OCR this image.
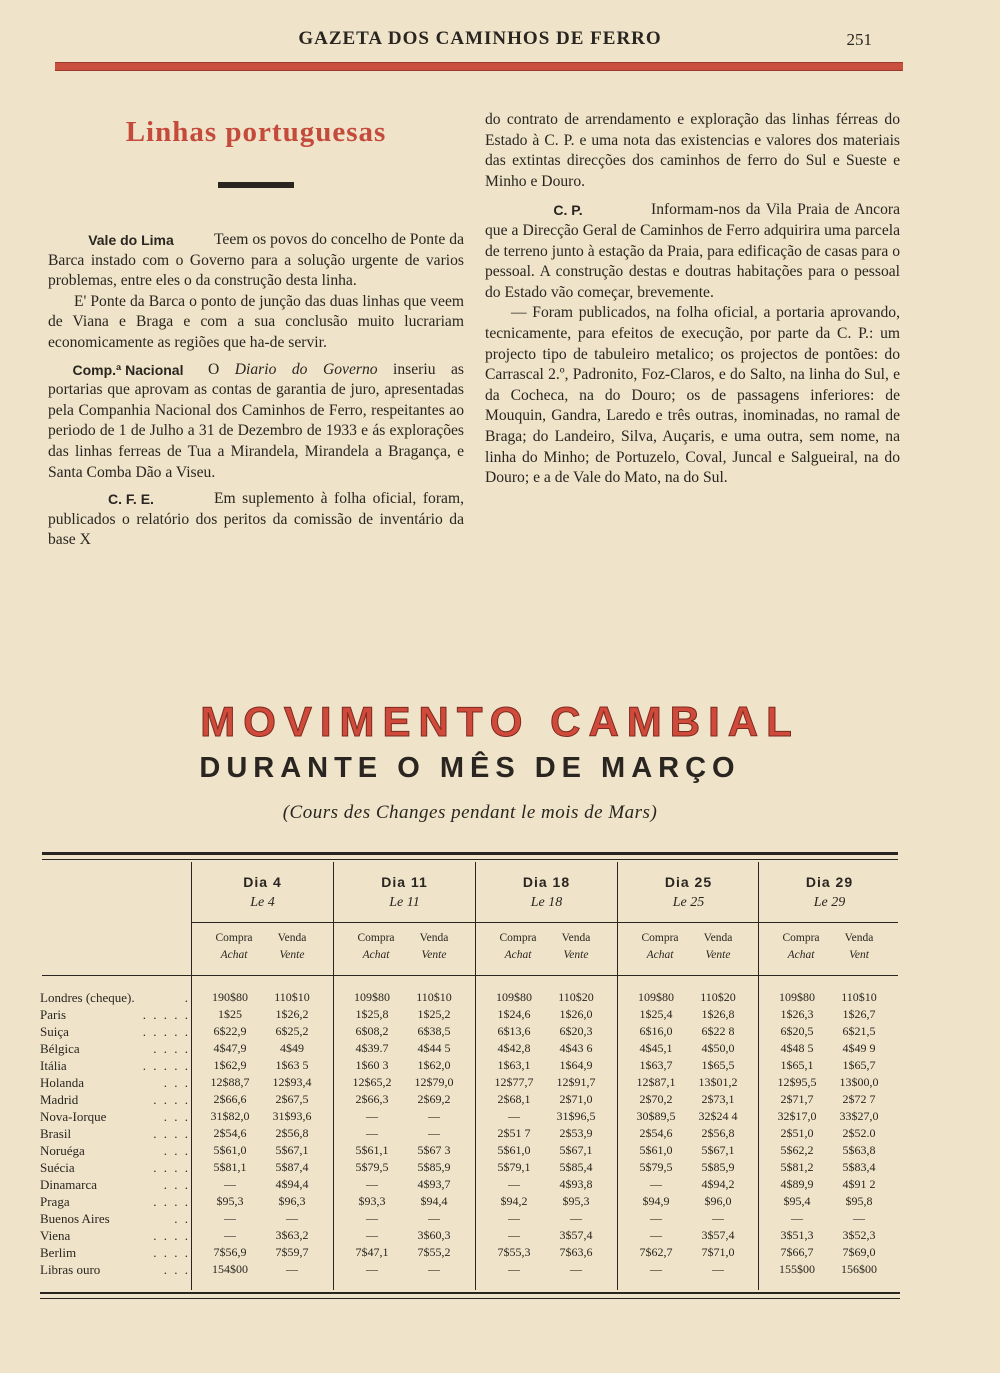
GAZETA DOS CAMINHOS DE FERRO	251
Linhas portuguesas
Vale do Lima	Teem os povos do concelho de Ponte da Barca instado com o Governo para a solução urgente de varios problemas, entre eles o da construção desta linha.

E' Ponte da Barca o ponto de junção das duas linhas que veem de Viana e Braga e com a sua conclusão muito lucrariam economicamente as regiões que ha-de servir.

Comp.ª Nacional	O Diario do Governo inseriu as portarias que aprovam as contas de garantia de juro, apresentadas pela Companhia Nacional dos Caminhos de Ferro, respeitantes ao periodo de 1 de Julho a 31 de Dezembro de 1933 e ás explorações das linhas ferreas de Tua a Mirandela, Mirandela a Bragança, e Santa Comba Dão a Viseu.

C. F. E.	Em suplemento à folha oficial, foram, publicados o relatório dos peritos da comissão de inventário da base X

do contrato de arrendamento e exploração das linhas férreas do Estado à C. P. e uma nota das existencias e valores dos materiais das extintas direcções dos caminhos de ferro do Sul e Sueste e Minho e Douro.

C. P.	Informam-nos da Vila Praia de Ancora que a Direcção Geral de Caminhos de Ferro adquirira uma parcela de terreno junto à estação da Praia, para edificação de casas para o pessoal. A construção destas e doutras habitações para o pessoal do Estado vão começar, brevemente.

— Foram publicados, na folha oficial, a portaria aprovando, tecnicamente, para efeitos de execução, por parte da C. P.: um projecto tipo de tabuleiro metalico; os projectos de pontões: do Carrascal 2.º, Padronito, Foz-Claros, e do Salto, na linha do Sul, e da Cocheca, na do Douro; os de passagens inferiores: de Mouquin, Gandra, Laredo e três outras, inominadas, no ramal de Braga; do Landeiro, Silva, Auçaris, e uma outra, sem nome, na linha do Minho; de Portuzelo, Coval, Juncal e Salgueiral, na do Douro; e a de Vale do Mato, na do Sul.

MOVIMENTO CAMBIAL
DURANTE O MÊS DE MARÇO
(Cours des Changes pendant le mois de Mars)
Dia 4
Le 4
Compra	Venda
Achat	Vente
Dia 11
Le 11
Compra	Venda
Achat	Vente
Dia 18
Le 18
Compra	Venda
Achat	Vente
Dia 25
Le 25
Compra	Venda
Achat	Vente
Dia 29
Le 29
Compra	Venda
Achat	Vent
Londres (cheque).	.	190$80	110$10	109$80	110$10	109$80	110$20	109$80	110$20	109$80	110$10
Paris	. . . . .	1$25	1$26,2	1$25,8	1$25,2	1$24,6	1$26,0	1$25,4	1$26,8	1$26,3	1$26,7
Suiça	. . . . .	6$22,9	6$25,2	6$08,2	6$38,5	6$13,6	6$20,3	6$16,0	6$22 8	6$20,5	6$21,5
Bélgica	. . . .	4$47,9	4$49	4$39.7	4$44 5	4$42,8	4$43 6	4$45,1	4$50,0	4$48 5	4$49 9
Itália	. . . . .	1$62,9	1$63 5	1$60 3	1$62,0	1$63,1	1$64,9	1$63,7	1$65,5	1$65,1	1$65,7
Holanda	. . .	12$88,7	12$93,4	12$65,2	12$79,0	12$77,7	12$91,7	12$87,1	13$01,2	12$95,5	13$00,0
Madrid	. . . .	2$66,6	2$67,5	2$66,3	2$69,2	2$68,1	2$71,0	2$70,2	2$73,1	2$71,7	2$72 7
Nova-Iorque	. . .	31$82,0	31$93,6	—	—	—	31$96,5	30$89,5	32$24 4	32$17,0	33$27,0
Brasil	. . . .	2$54,6	2$56,8	—	—	2$51 7	2$53,9	2$54,6	2$56,8	2$51,0	2$52.0
Noruéga	. . .	5$61,0	5$67,1	5$61,1	5$67 3	5$61,0	5$67,1	5$61,0	5$67,1	5$62,2	5$63,8
Suécia	. . . .	5$81,1	5$87,4	5$79,5	5$85,9	5$79,1	5$85,4	5$79,5	5$85,9	5$81,2	5$83,4
Dinamarca	. . .	—	4$94,4	—	4$93,7	—	4$93,8	—	4$94,2	4$89,9	4$91 2
Praga	. . . .	$95,3	$96,3	$93,3	$94,4	$94,2	$95,3	$94,9	$96,0	$95,4	$95,8
Buenos Aires	. .	—	—	—	—	—	—	—	—	—	—
Viena	. . . .	—	3$63,2	—	3$60,3	—	3$57,4	—	3$57,4	3$51,3	3$52,3
Berlim	. . . .	7$56,9	7$59,7	7$47,1	7$55,2	7$55,3	7$63,6	7$62,7	7$71,0	7$66,7	7$69,0
Libras ouro	. . .	154$00	—	—	—	—	—	—	—	155$00	156$00
